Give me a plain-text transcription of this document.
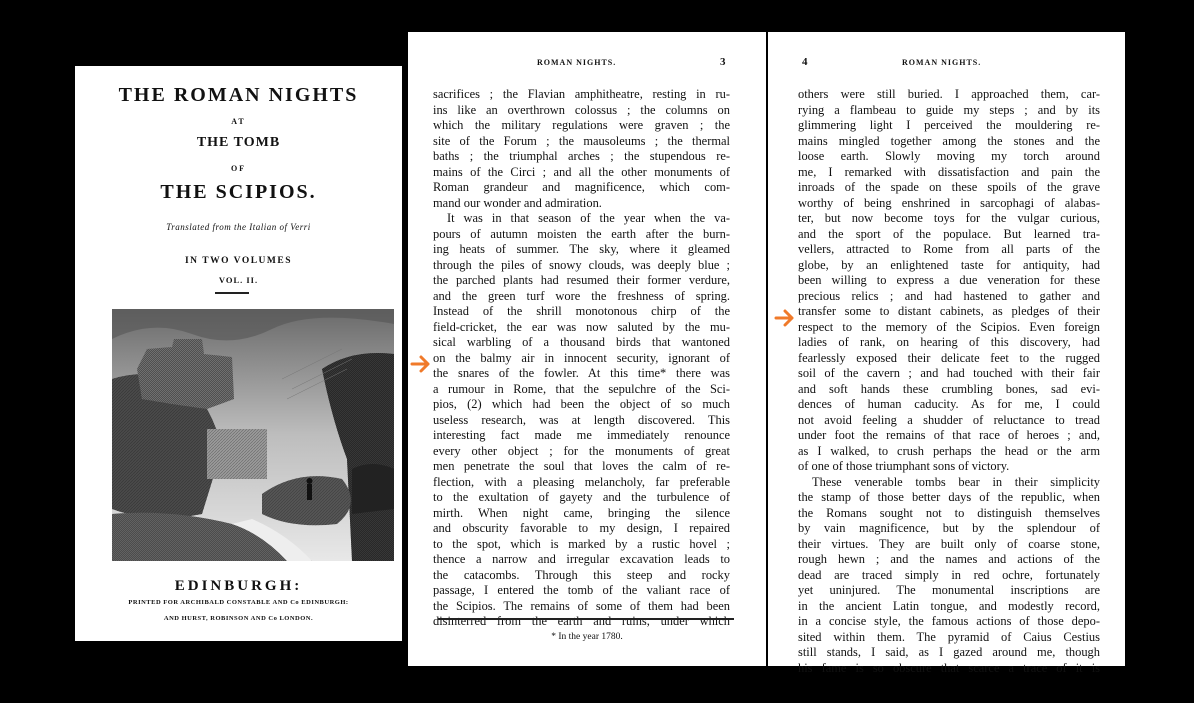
THE ROMAN NIGHTS
AT
THE TOMB
OF
THE SCIPIOS.
Translated from the Italian of Verri
IN TWO VOLUMES
VOL. II.
EDINBURGH:
PRINTED FOR ARCHIBALD CONSTABLE AND Co EDINBURGH:
AND HURST, ROBINSON AND Co LONDON.
ROMAN NIGHTS.	3
sacrifices ; the Flavian amphitheatre, resting in ru-
ins like an overthrown colossus ; the columns on
which the military regulations were graven ; the
site of the Forum ; the mausoleums ; the thermal
baths ; the triumphal arches ; the stupendous re-
mains of the Circi ; and all the other monuments of
Roman grandeur and magnificence, which com-
mand our wonder and admiration.
It was in that season of the year when the va-
pours of autumn moisten the earth after the burn-
ing heats of summer. The sky, where it gleamed
through the piles of snowy clouds, was deeply blue ;
the parched plants had resumed their former verdure,
and the green turf wore the freshness of spring.
Instead of the shrill monotonous chirp of the
field-cricket, the ear was now saluted by the mu-
sical warbling of a thousand birds that wantoned
on the balmy air in innocent security, ignorant of
the snares of the fowler. At this time* there was
a rumour in Rome, that the sepulchre of the Sci-
pios, (2) which had been the object of so much
useless research, was at length discovered. This
interesting fact made me immediately renounce
every other object ; for the monuments of great
men penetrate the soul that loves the calm of re-
flection, with a pleasing melancholy, far preferable
to the exultation of gayety and the turbulence of
mirth. When night came, bringing the silence
and obscurity favorable to my design, I repaired
to the spot, which is marked by a rustic hovel ;
thence a narrow and irregular excavation leads to
the catacombs. Through this steep and rocky
passage, I entered the tomb of the valiant race of
the Scipios. The remains of some of them had been
disinterred from the earth and ruins, under which
* In the year 1780.
4	ROMAN NIGHTS.
others were still buried. I approached them, car-
rying a flambeau to guide my steps ; and by its
glimmering light I perceived the mouldering re-
mains mingled together among the stones and the
loose earth. Slowly moving my torch around
me, I remarked with dissatisfaction and pain the
inroads of the spade on these spoils of the grave
worthy of being enshrined in sarcophagi of alabas-
ter, but now become toys for the vulgar curious,
and the sport of the populace. But learned tra-
vellers, attracted to Rome from all parts of the
globe, by an enlightened taste for antiquity, had
been willing to express a due veneration for these
precious relics ; and had hastened to gather and
transfer some to distant cabinets, as pledges of their
respect to the memory of the Scipios. Even foreign
ladies of rank, on hearing of this discovery, had
fearlessly exposed their delicate feet to the rugged
soil of the cavern ; and had touched with their fair
and soft hands these crumbling bones, sad evi-
dences of human caducity. As for me, I could
not avoid feeling a shudder of reluctance to tread
under foot the remains of that race of heroes ; and,
as I walked, to crush perhaps the head or the arm
of one of those triumphant sons of victory.
These venerable tombs bear in their simplicity
the stamp of those better days of the republic, when
the Romans sought not to distinguish themselves
by vain magnificence, but by the splendour of
their virtues. They are built only of coarse stone,
rough hewn ; and the names and actions of the
dead are traced simply in red ochre, fortunately
yet uninjured. The monumental inscriptions are
in the ancient Latin tongue, and modestly record,
in a concise style, the famous actions of those depo-
sited within them. The pyramid of Caius Cestius
still stands, I said, as I gazed around me, though
his fame is so obscure that scarce a trace of it is
